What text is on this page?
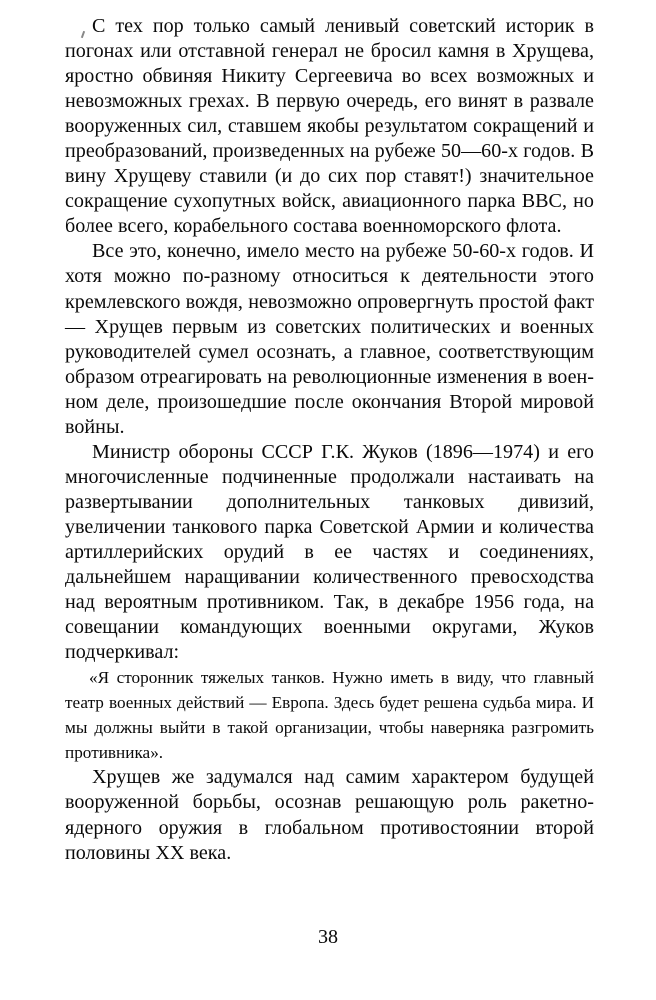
С тех пор только самый ленивый советский историк в погонах или отставной генерал не бросил камня в Хрущева, яростно обвиняя Никиту Сергеевича во всех возможных и невозможных грехах. В первую очередь, его винят в развале вооруженных сил, ставшем якобы результатом сокращений и преобразований, произведенных на рубеже 50—60-х годов. В вину Хрущеву ставили (и до сих пор ставят!) значительное сокращение сухопутных войск, авиационного парка ВВС, но более всего, корабельного состава военноморского флота.

Все это, конечно, имело место на рубеже 50-60-х годов. И хотя можно по-разному относиться к деятельности этого кремлевского вождя, невозможно опровергнуть простой факт — Хрущев первым из советских политических и военных руководителей сумел осознать, а главное, соответствующим образом отреагировать на революционные изменения в военном деле, произошедшие после окончания Второй мировой войны.

Министр обороны СССР Г.К. Жуков (1896—1974) и его многочисленные подчиненные продолжали настаивать на развертывании дополнительных танковых дивизий, увеличении танкового парка Советской Армии и количества артиллерийских орудий в ее частях и соединениях, дальнейшем наращивании количественного превосходства над вероятным противником. Так, в декабре 1956 года, на совещании командующих военными округами, Жуков подчеркивал:

«Я сторонник тяжелых танков. Нужно иметь в виду, что главный театр военных действий — Европа. Здесь будет решена судьба мира. И мы должны выйти в такой организации, чтобы наверняка разгромить противника».

Хрущев же задумался над самим характером будущей вооруженной борьбы, осознав решающую роль ракетно-ядерного оружия в глобальном противостоянии второй половины XX века.

38
